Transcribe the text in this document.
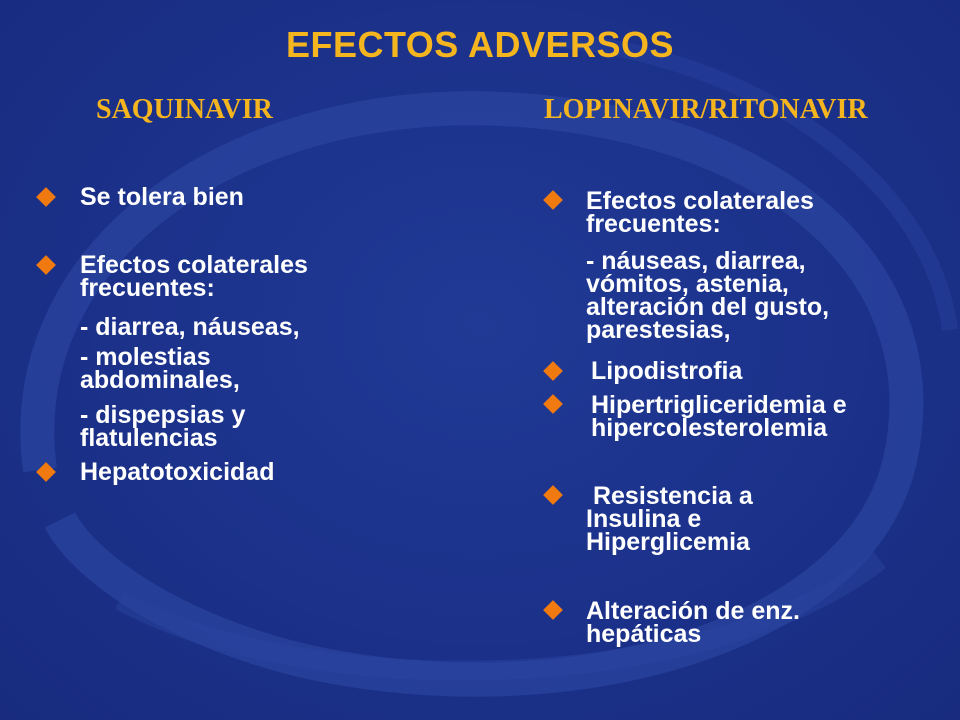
EFECTOS ADVERSOS
SAQUINAVIR	LOPINAVIR/RITONAVIR
Se tolera bien
Efectos colaterales frecuentes:
- diarrea, náuseas,
- molestias abdominales,
- dispepsias y flatulencias
Hepatotoxicidad
Efectos colaterales frecuentes:
- náuseas, diarrea, vómitos, astenia, alteración del gusto, parestesias,
Lipodistrofia
Hipertrigliceridemia e hipercolesterolemia
Resistencia a Insulina e Hiperglicemia
Alteración de enz. hepáticas
